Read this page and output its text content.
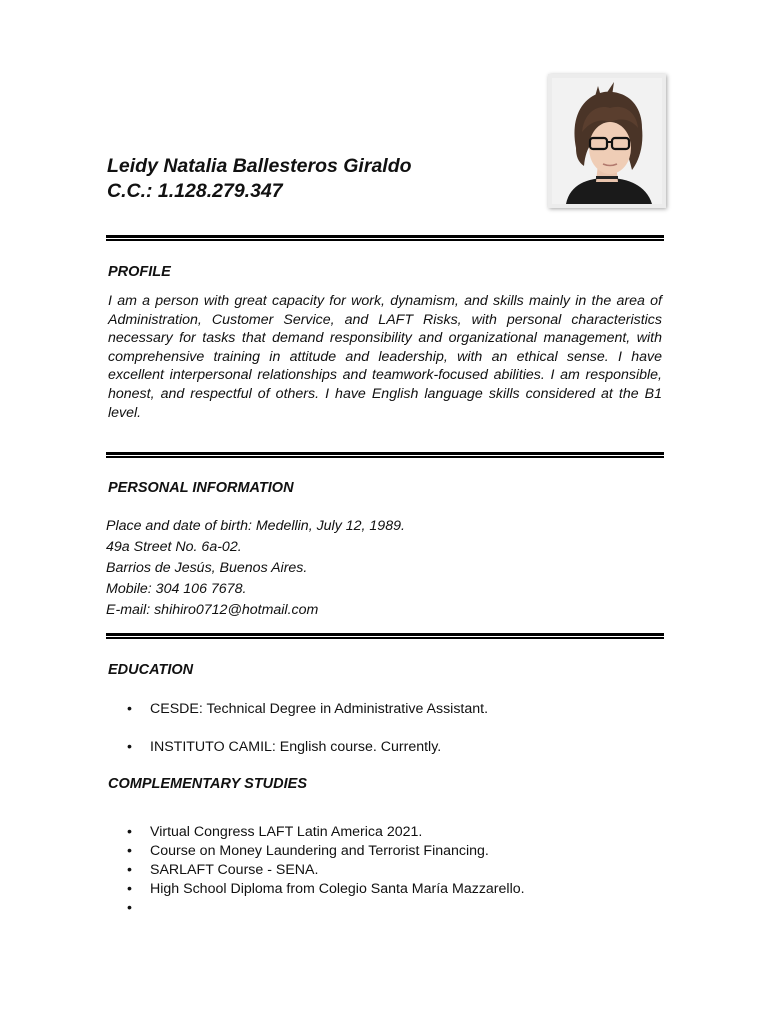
Leidy Natalia Ballesteros Giraldo
C.C.: 1.128.279.347
PROFILE

I am a person with great capacity for work, dynamism, and skills mainly in the area of Administration, Customer Service, and LAFT Risks, with personal characteristics necessary for tasks that demand responsibility and organizational management, with comprehensive training in attitude and leadership, with an ethical sense. I have excellent interpersonal relationships and teamwork-focused abilities. I am responsible, honest, and respectful of others. I have English language skills considered at the B1 level.

PERSONAL INFORMATION
Place and date of birth: Medellin, July 12, 1989.
49a Street No. 6a-02.
Barrios de Jesús, Buenos Aires.
Mobile: 304 106 7678.
E-mail: shihiro0712@hotmail.com
EDUCATION
• CESDE: Technical Degree in Administrative Assistant.
• INSTITUTO CAMIL: English course. Currently.
COMPLEMENTARY STUDIES
• Virtual Congress LAFT Latin America 2021.
• Course on Money Laundering and Terrorist Financing.
• SARLAFT Course - SENA.
• High School Diploma from Colegio Santa María Mazzarello.
•
